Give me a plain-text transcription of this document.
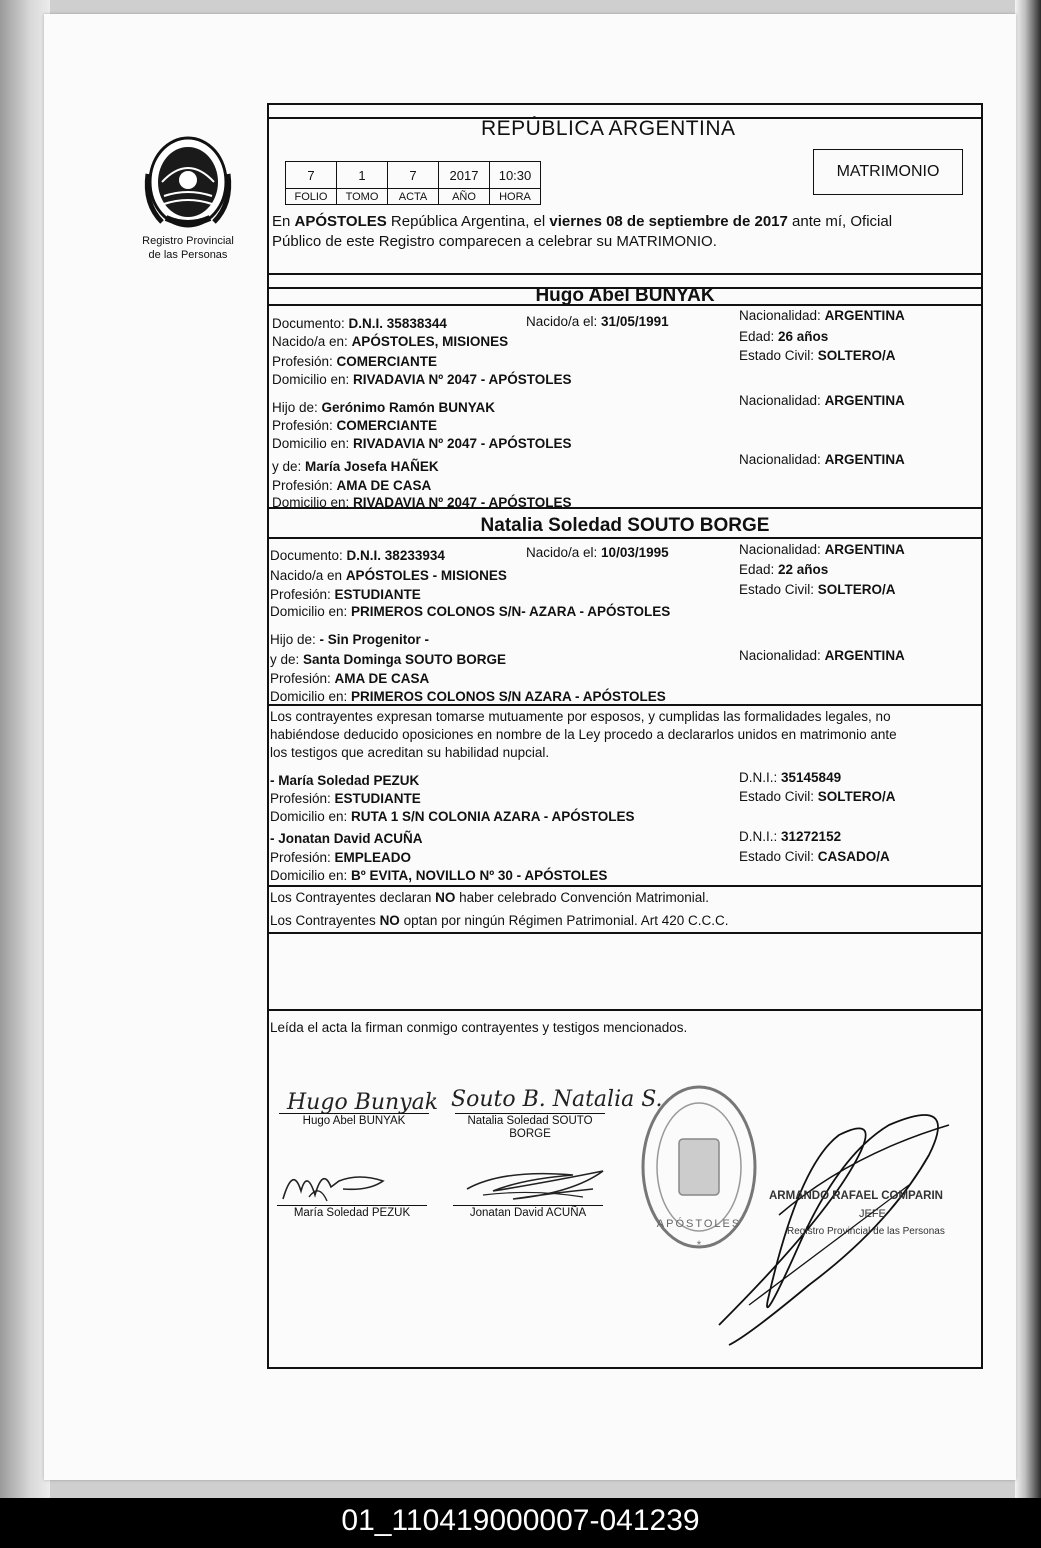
Registro Provincial
de las Personas
REPÚBLICA ARGENTINA
7	1	7	2017	10:30
FOLIO	TOMO	ACTA	AÑO	HORA
MATRIMONIO
En APÓSTOLES República Argentina, el viernes 08 de septiembre de 2017 ante mí, Oficial
Público de este Registro comparecen a celebrar su MATRIMONIO.
Hugo Abel BUNYAK
Documento: D.N.I. 35838344	Nacido/a el: 31/05/1991	Nacionalidad: ARGENTINA
Nacido/a en: APÓSTOLES, MISIONES	Edad: 26 años
Profesión: COMERCIANTE	Estado Civil: SOLTERO/A
Domicilio en: RIVADAVIA Nº 2047 - APÓSTOLES
Hijo de: Gerónimo Ramón BUNYAK	Nacionalidad: ARGENTINA
Profesión: COMERCIANTE
Domicilio en: RIVADAVIA Nº 2047 - APÓSTOLES
y de: María Josefa HAÑEK	Nacionalidad: ARGENTINA
Profesión: AMA DE CASA
Domicilio en: RIVADAVIA Nº 2047 - APÓSTOLES
Natalia Soledad SOUTO BORGE
Documento: D.N.I. 38233934	Nacido/a el: 10/03/1995	Nacionalidad: ARGENTINA
Nacido/a en APÓSTOLES - MISIONES	Edad: 22 años
Profesión: ESTUDIANTE	Estado Civil: SOLTERO/A
Domicilio en: PRIMEROS COLONOS S/N- AZARA - APÓSTOLES
Hijo de: - Sin Progenitor -
y de: Santa Dominga SOUTO BORGE	Nacionalidad: ARGENTINA
Profesión: AMA DE CASA
Domicilio en: PRIMEROS COLONOS S/N AZARA - APÓSTOLES
Los contrayentes expresan tomarse mutuamente por esposos, y cumplidas las formalidades legales, no
habiéndose deducido oposiciones en nombre de la Ley procedo a declararlos unidos en matrimonio ante
los testigos que acreditan su habilidad nupcial.
- María Soledad PEZUK	D.N.I.: 35145849
Profesión: ESTUDIANTE	Estado Civil: SOLTERO/A
Domicilio en: RUTA 1 S/N COLONIA AZARA - APÓSTOLES
- Jonatan David ACUÑA	D.N.I.: 31272152
Profesión: EMPLEADO	Estado Civil: CASADO/A
Domicilio en: Bº EVITA, NOVILLO Nº 30 - APÓSTOLES
Los Contrayentes declaran NO haber celebrado Convención Matrimonial.
Los Contrayentes NO optan por ningún Régimen Patrimonial. Art 420 C.C.C.
Leída el acta la firman conmigo contrayentes y testigos mencionados.
Hugo Bunyak
Hugo Abel BUNYAK
Souto B. Natalia S.
Natalia Soledad SOUTO
BORGE
María Soledad PEZUK	Jonatan David ACUÑA
APÓSTOLES
*
ARMANDO RAFAEL COMPARIN
JEFE
Registro Provincial de las Personas
01_110419000007-041239
